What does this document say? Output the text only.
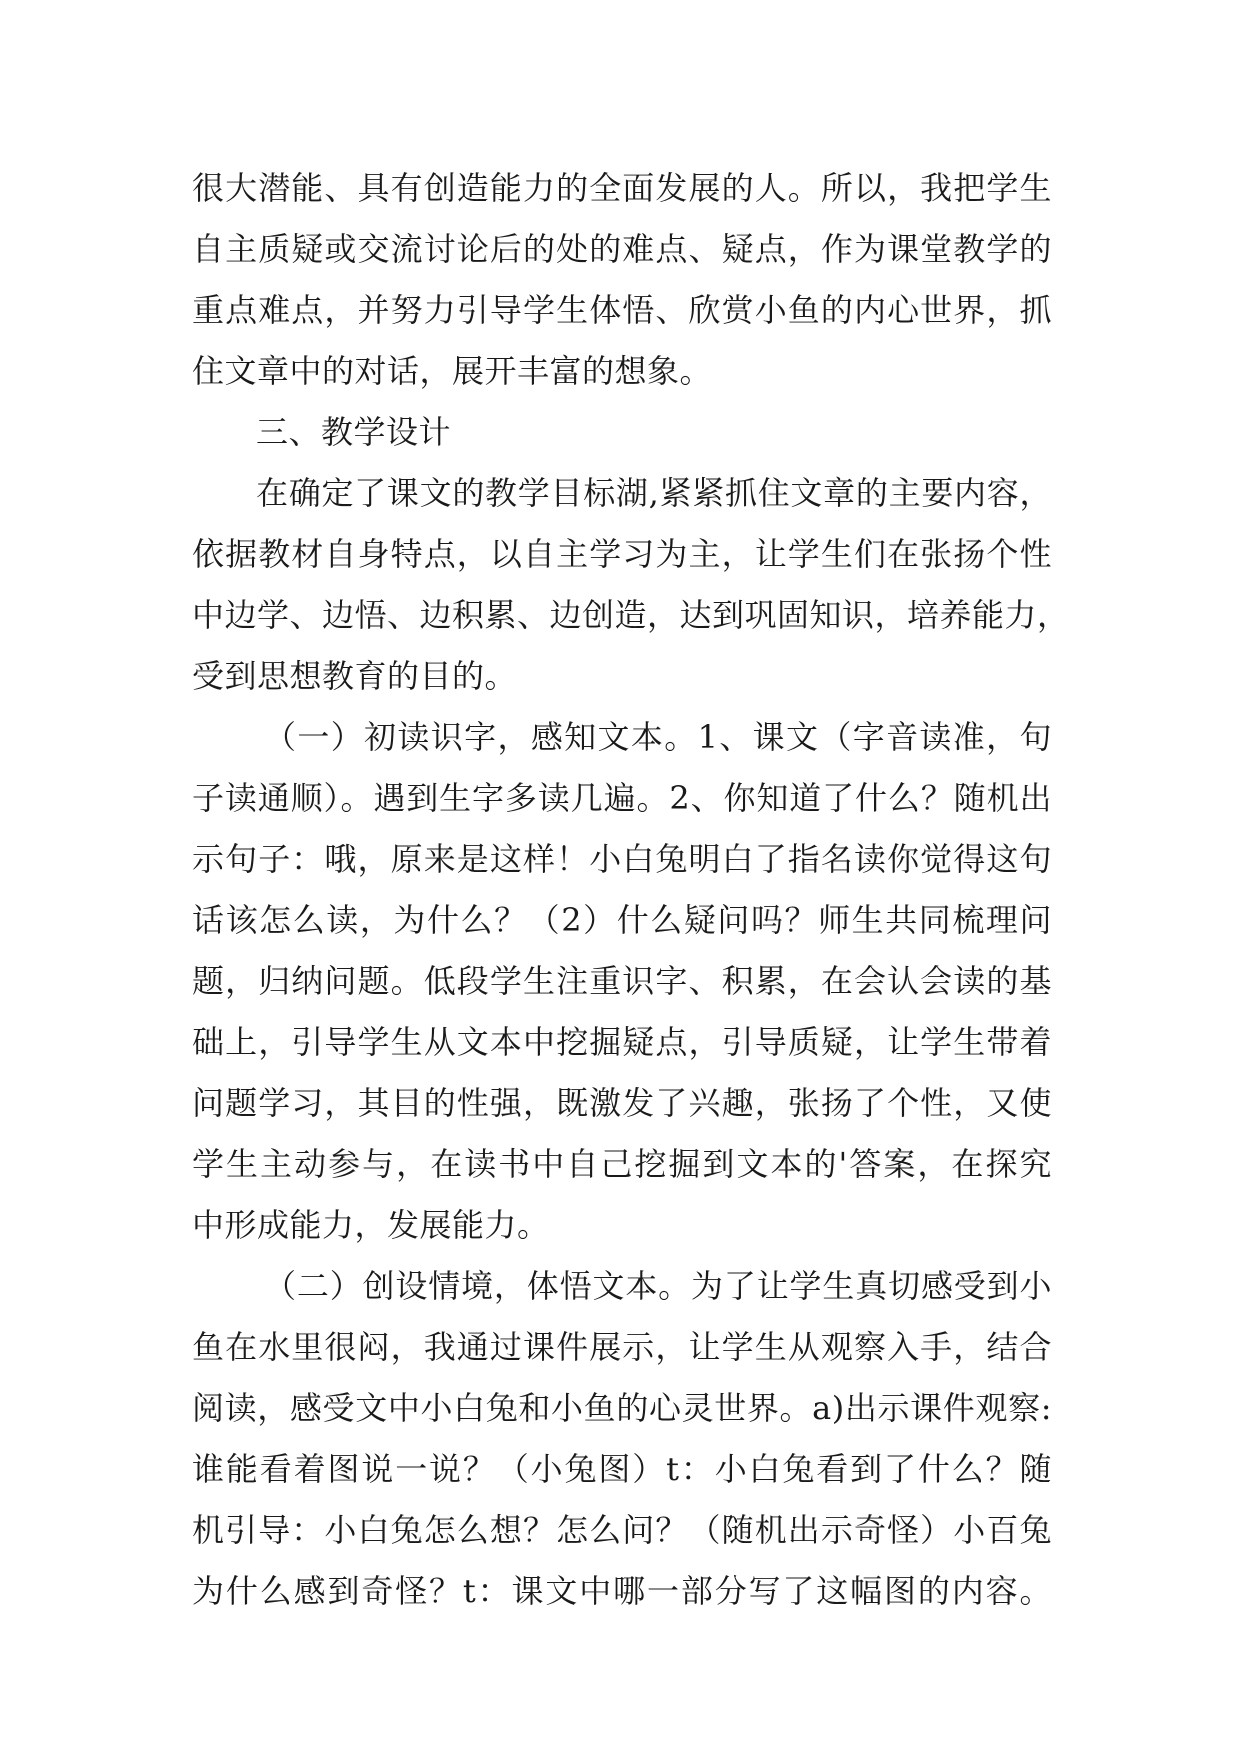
很大潜能、具有创造能力的全面发展的人。所以，我把学生
自主质疑或交流讨论后的处的难点、疑点，作为课堂教学的
重点难点，并努力引导学生体悟、欣赏小鱼的内心世界，抓
住文章中的对话，展开丰富的想象。
三、教学设计
在确定了课文的教学目标湖,紧紧抓住文章的主要内容，
依据教材自身特点，以自主学习为主，让学生们在张扬个性
中边学、边悟、边积累、边创造，达到巩固知识，培养能力，
受到思想教育的目的。
（一）初读识字，感知文本。1、课文（字音读准，句
子读通顺）。遇到生字多读几遍。2、你知道了什么？随机出
示句子：哦，原来是这样！小白兔明白了指名读你觉得这句
话该怎么读，为什么？（2）什么疑问吗？师生共同梳理问
题，归纳问题。低段学生注重识字、积累，在会认会读的基
础上，引导学生从文本中挖掘疑点，引导质疑，让学生带着
问题学习，其目的性强，既激发了兴趣，张扬了个性，又使
学生主动参与，在读书中自己挖掘到文本的'答案，在探究
中形成能力，发展能力。
（二）创设情境，体悟文本。为了让学生真切感受到小
鱼在水里很闷，我通过课件展示，让学生从观察入手，结合
阅读，感受文中小白兔和小鱼的心灵世界。a)出示课件观察:
谁能看着图说一说？（小兔图）t：小白兔看到了什么？随
机引导：小白兔怎么想？怎么问？（随机出示奇怪）小百兔
为什么感到奇怪？t：课文中哪一部分写了这幅图的内容。
